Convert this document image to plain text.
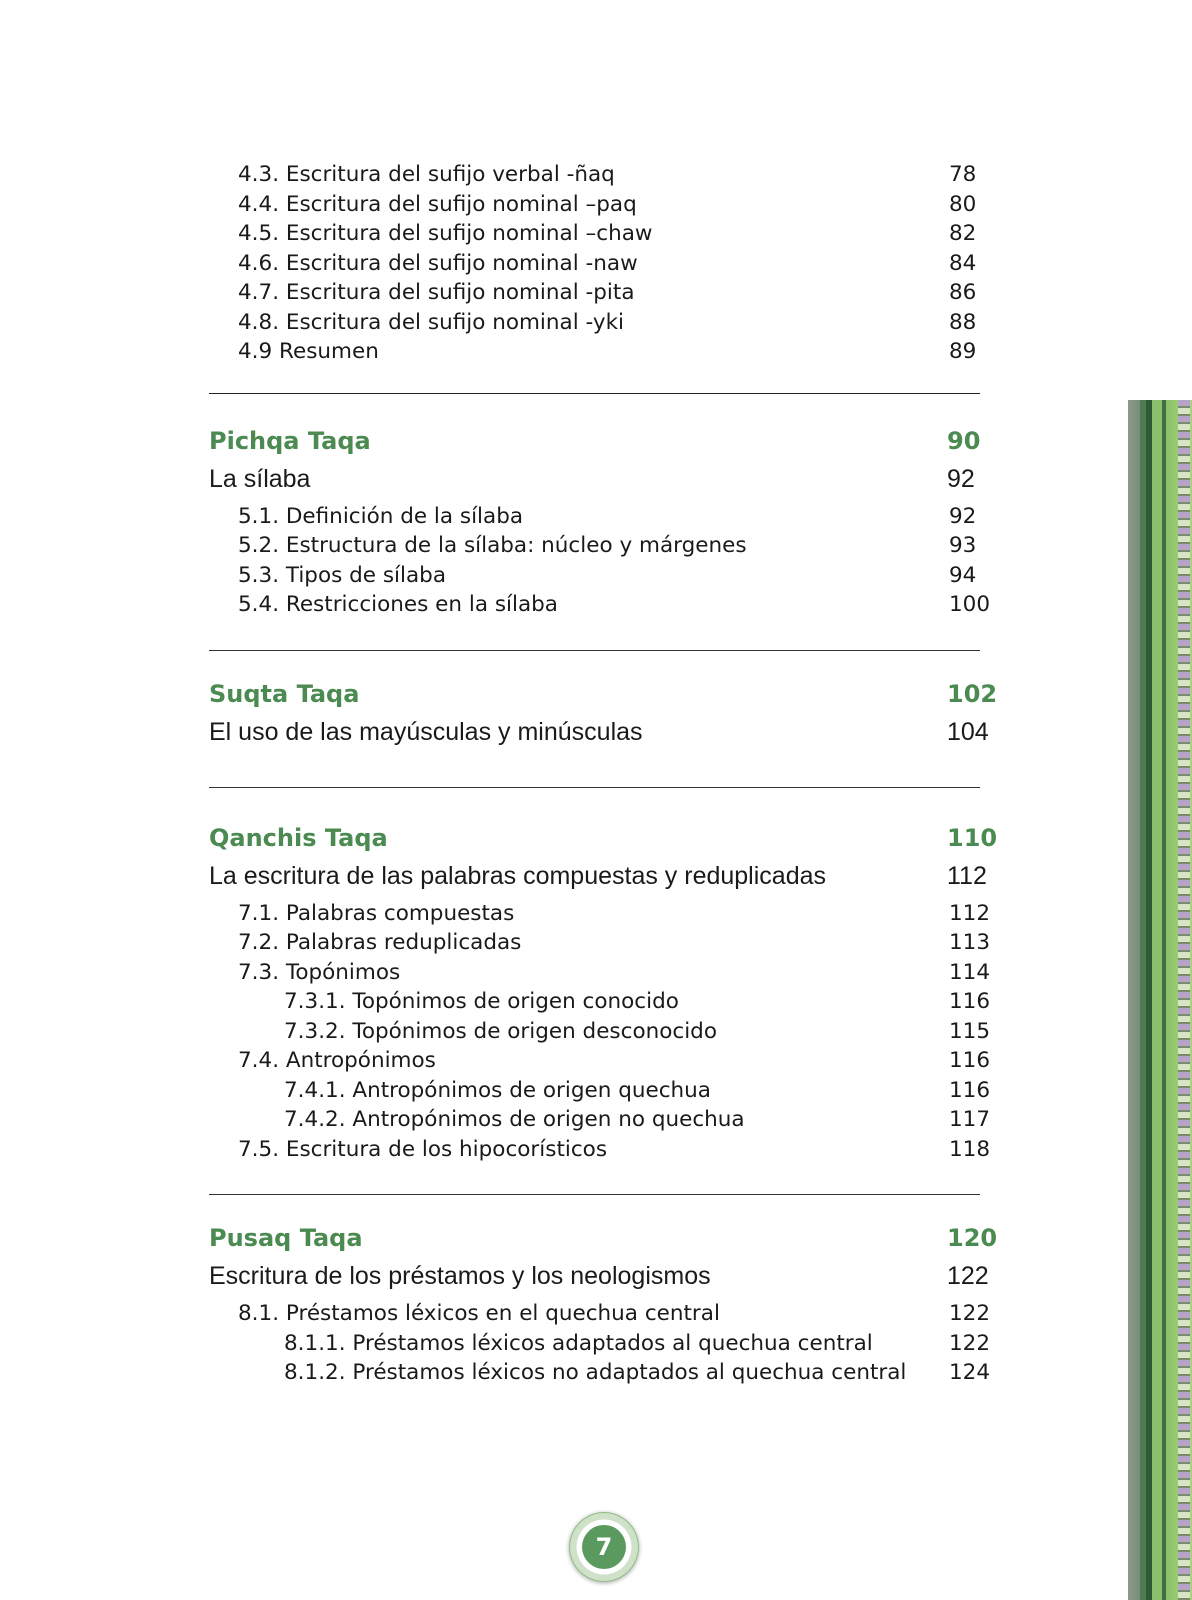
4.3. Escritura del sufijo verbal -ñaq	78
4.4. Escritura del sufijo nominal –paq	80
4.5. Escritura del sufijo nominal –chaw	82
4.6. Escritura del sufijo nominal -naw	84
4.7. Escritura del sufijo nominal -pita	86
4.8. Escritura del sufijo nominal -yki	88
4.9 Resumen	89
Pichqa Taqa	90
La sílaba	92
5.1. Definición de la sílaba	92
5.2. Estructura de la sílaba: núcleo y márgenes	93
5.3. Tipos de sílaba	94
5.4. Restricciones en la sílaba	100
Suqta Taqa	102
El uso de las mayúsculas y minúsculas	104
Qanchis Taqa	110
La escritura de las palabras compuestas y reduplicadas	112
7.1. Palabras compuestas	112
7.2. Palabras reduplicadas	113
7.3. Topónimos	114
7.3.1. Topónimos de origen conocido	116
7.3.2. Topónimos de origen desconocido	115
7.4. Antropónimos	116
7.4.1. Antropónimos de origen quechua	116
7.4.2. Antropónimos de origen no quechua	117
7.5. Escritura de los hipocorísticos	118
Pusaq Taqa	120
Escritura de los préstamos y los neologismos	122
8.1. Préstamos léxicos en el quechua central	122
8.1.1. Préstamos léxicos adaptados al quechua central	122
8.1.2. Préstamos léxicos no adaptados al quechua central 124
7
